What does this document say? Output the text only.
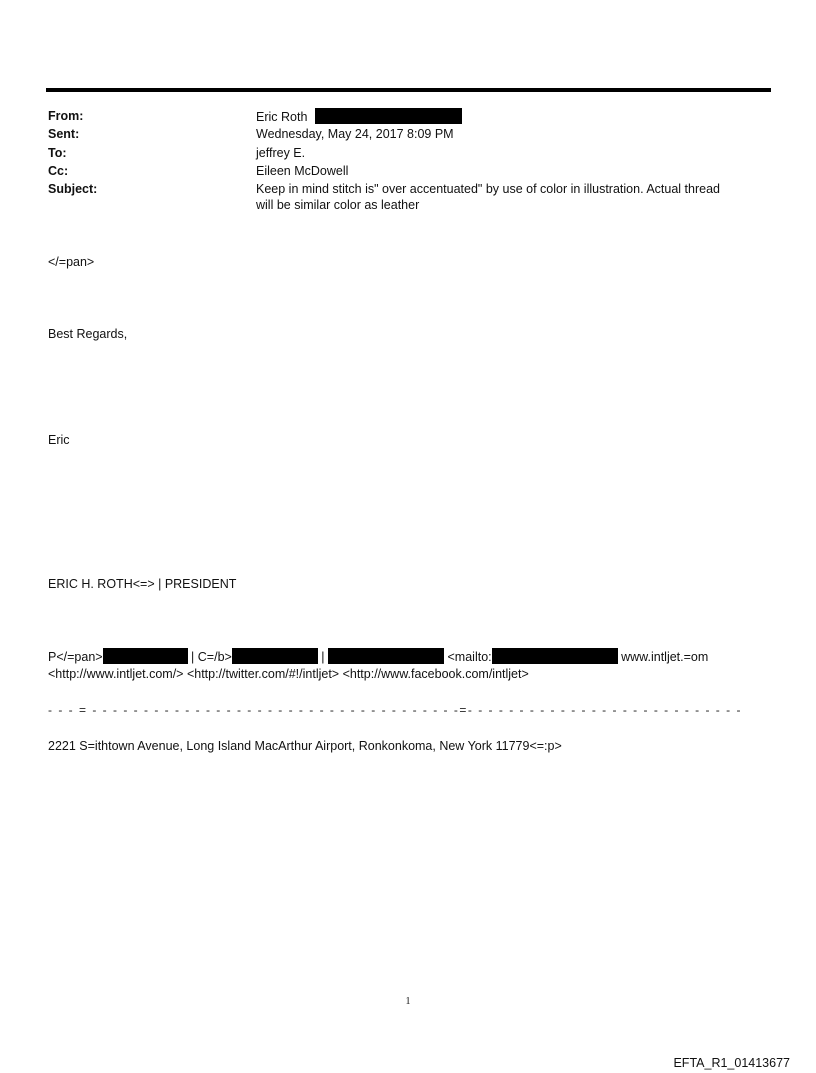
From:	Eric Roth
Sent:	Wednesday, May 24, 2017 8:09 PM
To:	jeffrey E.
Cc:	Eileen McDowell
Subject:	Keep in mind stitch is" over accentuated" by use of color in illustration. Actual thread
will be similar color as leather
</=pan>
Best Regards,
Eric
ERIC H. ROTH<=> | PRESIDENT
P</=pan>	| C=/b>	|	<mailto:	www.intljet.=om
<http://www.intljet.com/> <http://twitter.com/#!/intljet> <http://www.facebook.com/intljet>
- - - = - - - - - - - - - - - - - - - - - - - - - - - - - - - - - - - - - - - -=- - - - - - - - - - - - - - - - - - - - - - - - - - -
2221 S=ithtown Avenue, Long Island MacArthur Airport, Ronkonkoma, New York 11779<=:p>
1
EFTA_R1_01413677
